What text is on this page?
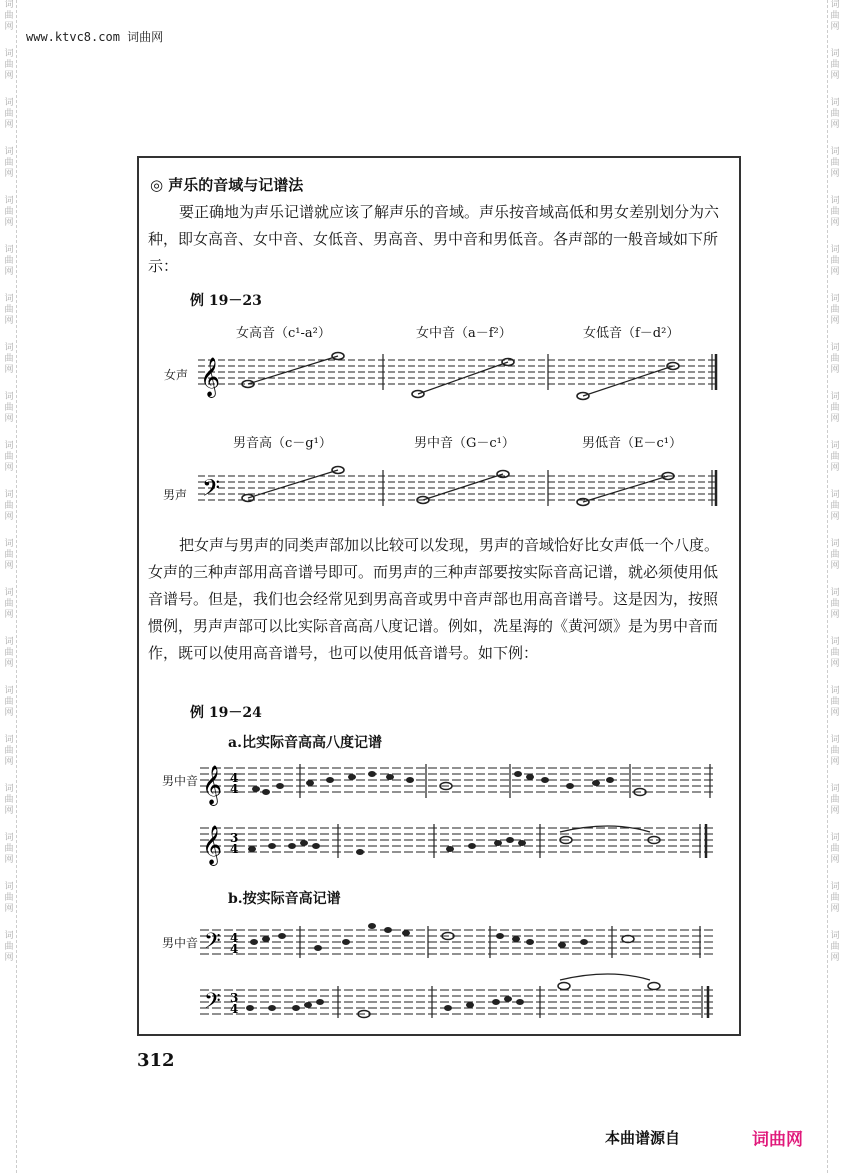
词曲网
词曲网
词曲网
词曲网
词曲网
词曲网
词曲网
词曲网
词曲网
词曲网
词曲网
词曲网
词曲网
词曲网
词曲网
词曲网
词曲网
词曲网
词曲网
词曲网
词曲网
词曲网
词曲网
词曲网
词曲网
词曲网
词曲网
词曲网
词曲网
词曲网
词曲网
词曲网
词曲网
词曲网
词曲网
词曲网
词曲网
词曲网
词曲网
词曲网
www.ktvc8.com 词曲网
◎ 声乐的音域与记谱法
要正确地为声乐记谱就应该了解声乐的音域。声乐按音域高低和男女差别划分为六种，即女高音、女中音、女低音、男高音、男中音和男低音。各声部的一般音域如下所示：
例 19－23
女高音（c¹-a²）	女中音（a－f²）	女低音（f－d²）
女声 𝄞
男音高（c－g¹）	男中音（G－c¹）	男低音（E－c¹）
男声 𝄢
把女声与男声的同类声部加以比较可以发现，男声的音域恰好比女声低一个八度。女声的三种声部用高音谱号即可。而男声的三种声部要按实际音高记谱，就必须使用低音谱号。但是，我们也会经常见到男高音或男中音声部也用高音谱号。这是因为，按照惯例，男声声部可以比实际音高高八度记谱。例如，冼星海的《黄河颂》是为男中音而作，既可以使用高音谱号，也可以使用低音谱号。如下例：
例 19－24
a.比实际音高高八度记谱
男中音 𝄞 4
4
𝄞 3
4
b.按实际音高记谱
男中音 𝄢 4
4
𝄢 3
4
312
本曲谱源自	词曲网
